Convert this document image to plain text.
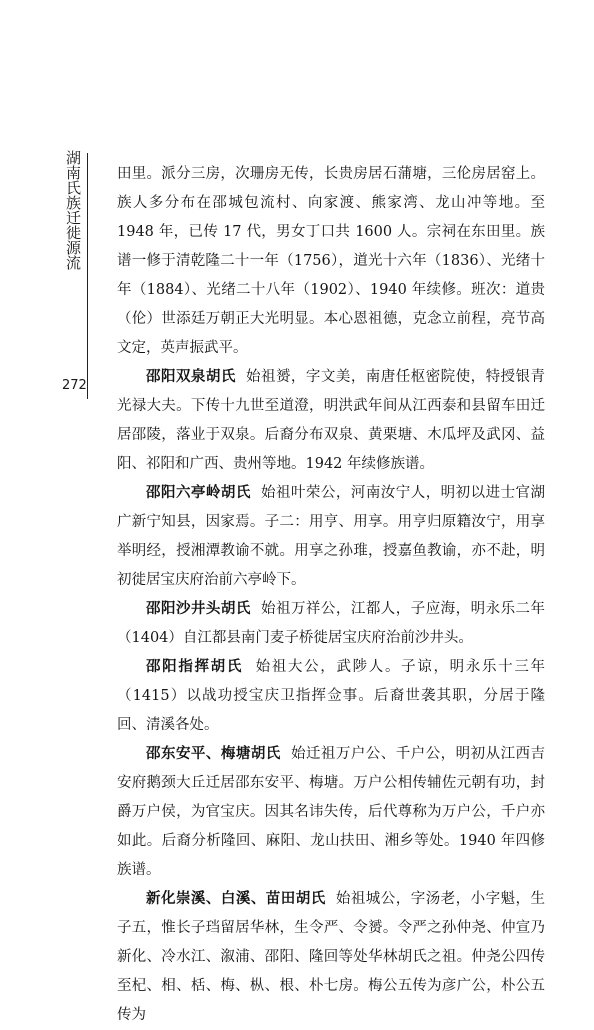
湖南氏族迁徙源流
272

田里。派分三房，次珊房无传，长贵房居石蒲塘，三伦房居窑上。族人多分布在邵城包流村、向家渡、熊家湾、龙山冲等地。至 1948 年，已传 17 代，男女丁口共 1600 人。宗祠在东田里。族谱一修于清乾隆二十一年（1756），道光十六年（1836）、光绪十年（1884）、光绪二十八年（1902）、1940 年续修。班次：道贵（伦）世添廷万朝正大光明显。本心恩祖德，克念立前程，亮节高文定，英声振武平。

邵阳双泉胡氏 始祖赟，字文美，南唐任枢密院使，特授银青光禄大夫。下传十九世至道澄，明洪武年间从江西泰和县留车田迁居邵陵，落业于双泉。后裔分布双泉、黄栗塘、木瓜坪及武冈、益阳、祁阳和广西、贵州等地。1942 年续修族谱。

邵阳六亭岭胡氏 始祖叶荣公，河南汝宁人，明初以进士官湖广新宁知县，因家焉。子二：用亨、用享。用亨归原籍汝宁，用享举明经，授湘潭教谕不就。用享之孙琟，授嘉鱼教谕，亦不赴，明初徙居宝庆府治前六亭岭下。

邵阳沙井头胡氏 始祖万祥公，江都人，子应海，明永乐二年（1404）自江都县南门麦子桥徙居宝庆府治前沙井头。

邵阳指挥胡氏 始祖大公，武陟人。子谅，明永乐十三年（1415）以战功授宝庆卫指挥佥事。后裔世袭其职，分居于隆回、清溪各处。

邵东安平、梅塘胡氏 始迁祖万户公、千户公，明初从江西吉安府鹅颈大丘迁居邵东安平、梅塘。万户公相传辅佐元朝有功，封爵万户侯，为官宝庆。因其名讳失传，后代尊称为万户公，千户亦如此。后裔分析隆回、麻阳、龙山扶田、湘乡等处。1940 年四修族谱。

新化崇溪、白溪、苗田胡氏 始祖城公，字汤老，小字魁，生子五，惟长子珰留居华林，生令严、令赟。令严之孙仲尧、仲宣乃新化、冷水江、溆浦、邵阳、隆回等处华林胡氏之祖。仲尧公四传至杞、相、栝、梅、枞、根、朴七房。梅公五传为彦广公，朴公五传为
